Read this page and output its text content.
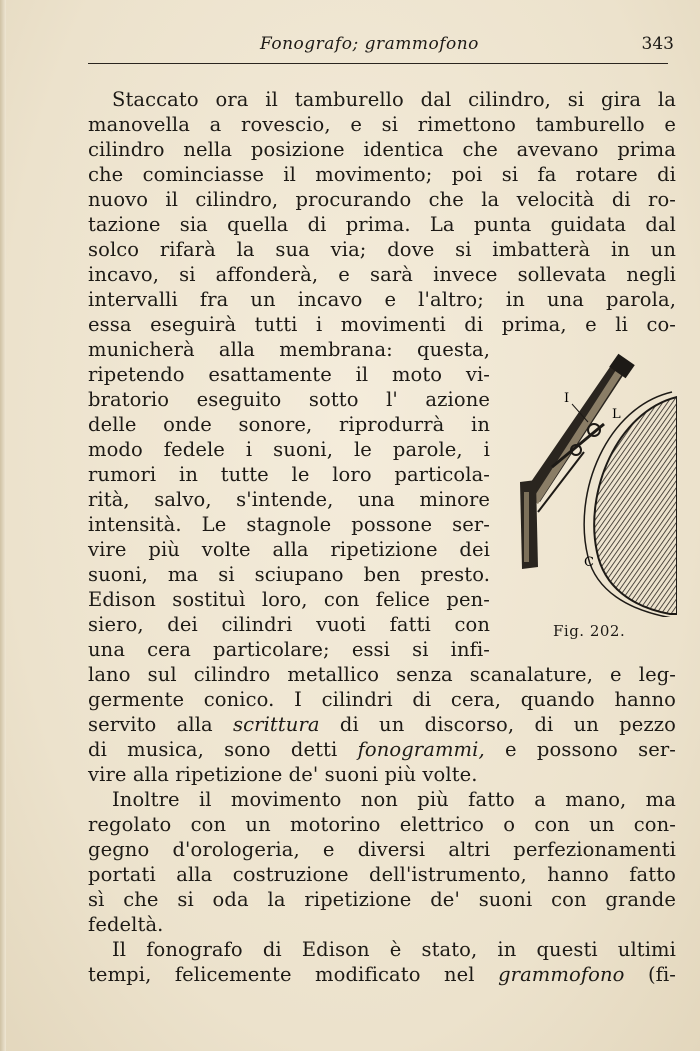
Fonografo; grammofono	343
Staccato ora il tamburello dal cilindro, si gira la
manovella a rovescio, e si rimettono tamburello e
cilindro nella posizione identica che avevano prima
che cominciasse il movimento; poi si fa rotare di
nuovo il cilindro, procurando che la velocità di ro-
tazione sia quella di prima. La punta guidata dal
solco rifarà la sua via; dove si imbatterà in un
incavo, si affonderà, e sarà invece sollevata negli
intervalli fra un incavo e l'altro; in una parola,
essa eseguirà tutti i movimenti di prima, e li co-
municherà alla membrana: questa,
ripetendo esattamente il moto vi-
bratorio eseguito sotto l' azione
delle onde sonore, riprodurrà in
modo fedele i suoni, le parole, i
rumori in tutte le loro particola-
rità, salvo, s'intende, una minore
intensità. Le stagnole possone ser-
vire più volte alla ripetizione dei
suoni, ma si sciupano ben presto.
Edison sostituì loro, con felice pen-
siero, dei cilindri vuoti fatti con
una cera particolare; essi si infi-
lano sul cilindro metallico senza scanalature, e leg-
germente conico. I cilindri di cera, quando hanno
servito alla scrittura di un discorso, di un pezzo
di musica, sono detti fonogrammi, e possono ser-
vire alla ripetizione de' suoni più volte.
Inoltre il movimento non più fatto a mano, ma
regolato con un motorino elettrico o con un con-
gegno d'orologeria, e diversi altri perfezionamenti
portati alla costruzione dell'istrumento, hanno fatto
sì che si oda la ripetizione de' suoni con grande
fedeltà.
Il fonografo di Edison è stato, in questi ultimi
tempi, felicemente modificato nel grammofono (fi-
I
L
C
Fig. 202.
